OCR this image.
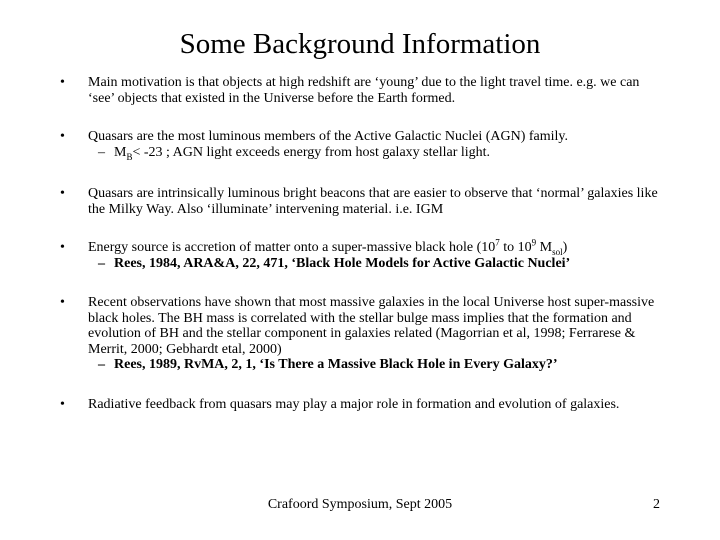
Some Background Information
• Main motivation is that objects at high redshift are ‘young’ due to the light travel time. e.g. we can ‘see’ objects that existed in the Universe before the Earth formed.
• Quasars are the most luminous members of the Active Galactic Nuclei (AGN) family.
– $M_B< -23$ ; AGN light exceeds energy from host galaxy stellar light.
• Quasars are intrinsically luminous bright beacons that are easier to observe that ‘normal’ galaxies like the Milky Way. Also ‘illuminate’ intervening material. i.e. IGM
• Energy source is accretion of matter onto a super-massive black hole ($10^7$ to $10^9$ $M_{sol}$)
– Rees, 1984, ARA&A, 22, 471, ‘Black Hole Models for Active Galactic Nuclei’
• Recent observations have shown that most massive galaxies in the local Universe host super-massive black holes. The BH mass is correlated with the stellar bulge mass implies that the formation and evolution of BH and the stellar component in galaxies related (Magorrian et al, 1998; Ferrarese & Merrit, 2000; Gebhardt etal, 2000)
– Rees, 1989, RvMA, 2, 1, ‘Is There a Massive Black Hole in Every Galaxy?’
• Radiative feedback from quasars may play a major role in formation and evolution of galaxies.
Crafoord Symposium, Sept 2005	2
